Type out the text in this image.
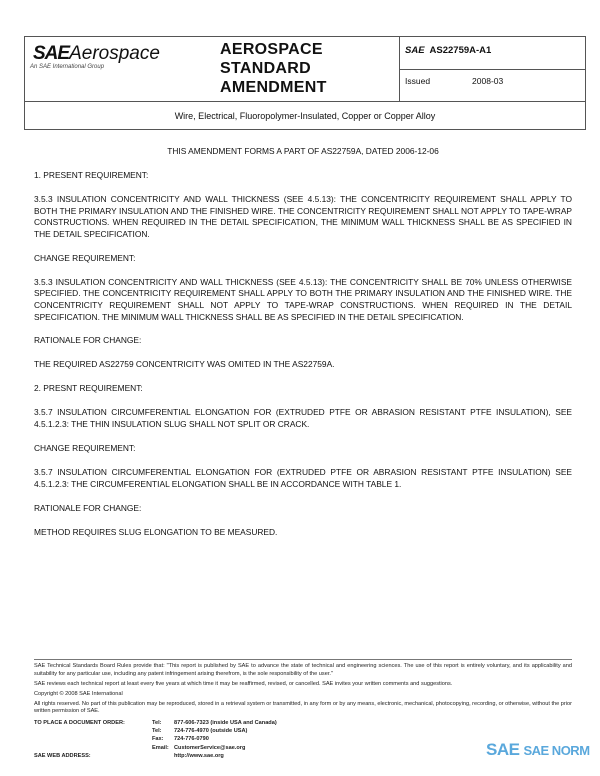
SAEAerospace
An SAE International Group
AEROSPACE
STANDARD
AMENDMENT
SAE AS22759A-A1
Issued	2008-03
Wire, Electrical, Fluoropolymer-Insulated, Copper or Copper Alloy

THIS AMENDMENT FORMS A PART OF AS22759A, DATED 2006-12-06

1. PRESENT REQUIREMENT:

3.5.3 INSULATION CONCENTRICITY AND WALL THICKNESS (SEE 4.5.13): THE CONCENTRICITY REQUIREMENT SHALL APPLY TO BOTH THE PRIMARY INSULATION AND THE FINISHED WIRE. THE CONCENTRICITY REQUIREMENT SHALL NOT APPLY TO TAPE-WRAP CONSTRUCTIONS. WHEN REQUIRED IN THE DETAIL SPECIFICATION, THE MINIMUM WALL THICKNESS SHALL BE AS SPECIFIED IN THE DETAIL SPECIFICATION.

CHANGE REQUIREMENT:

3.5.3 INSULATION CONCENTRICITY AND WALL THICKNESS (SEE 4.5.13): THE CONCENTRICITY SHALL BE 70% UNLESS OTHERWISE SPECIFIED. THE CONCENTRICITY REQUIREMENT SHALL APPLY TO BOTH THE PRIMARY INSULATION AND THE FINISHED WIRE. THE CONCENTRICITY REQUIREMENT SHALL NOT APPLY TO TAPE-WRAP CONSTRUCTIONS. WHEN REQUIRED IN THE DETAIL SPECIFICATION. THE MINIMUM WALL THICKNESS SHALL BE AS SPECIFIED IN THE DETAIL SPECIFICATION.

RATIONALE FOR CHANGE:

THE REQUIRED AS22759 CONCENTRICITY WAS OMITED IN THE AS22759A.

2. PRESNT REQUIREMENT:

3.5.7 INSULATION CIRCUMFERENTIAL ELONGATION FOR (EXTRUDED PTFE OR ABRASION RESISTANT PTFE INSULATION), SEE 4.5.1.2.3: THE THIN INSULATION SLUG SHALL NOT SPLIT OR CRACK.

CHANGE REQUIREMENT:

3.5.7 INSULATION CIRCUMFERENTIAL ELONGATION FOR (EXTRUDED PTFE OR ABRASION RESISTANT PTFE INSULATION) SEE 4.5.1.2.3: THE CIRCUMFERENTIAL ELONGATION SHALL BE IN ACCORDANCE WITH TABLE 1.

RATIONALE FOR CHANGE:

METHOD REQUIRES SLUG ELONGATION TO BE MEASURED.

SAE Technical Standards Board Rules provide that: "This report is published by SAE to advance the state of technical and engineering sciences. The use of this report is entirely voluntary, and its applicability and suitability for any particular use, including any patent infringement arising therefrom, is the sole responsibility of the user."

SAE reviews each technical report at least every five years at which time it may be reaffirmed, revised, or cancelled. SAE invites your written comments and suggestions.

Copyright © 2008 SAE International

All rights reserved. No part of this publication may be reproduced, stored in a retrieval system or transmitted, in any form or by any means, electronic, mechanical, photocopying, recording, or otherwise, without the prior written permission of SAE.

TO PLACE A DOCUMENT ORDER:	Tel:	877-606-7323 (inside USA and Canada)
Tel:	724-776-4970 (outside USA)
Fax:	724-776-0790
Email: CustomerService@sae.org
SAE WEB ADDRESS:	http://www.sae.org	SAE SAE NORM
